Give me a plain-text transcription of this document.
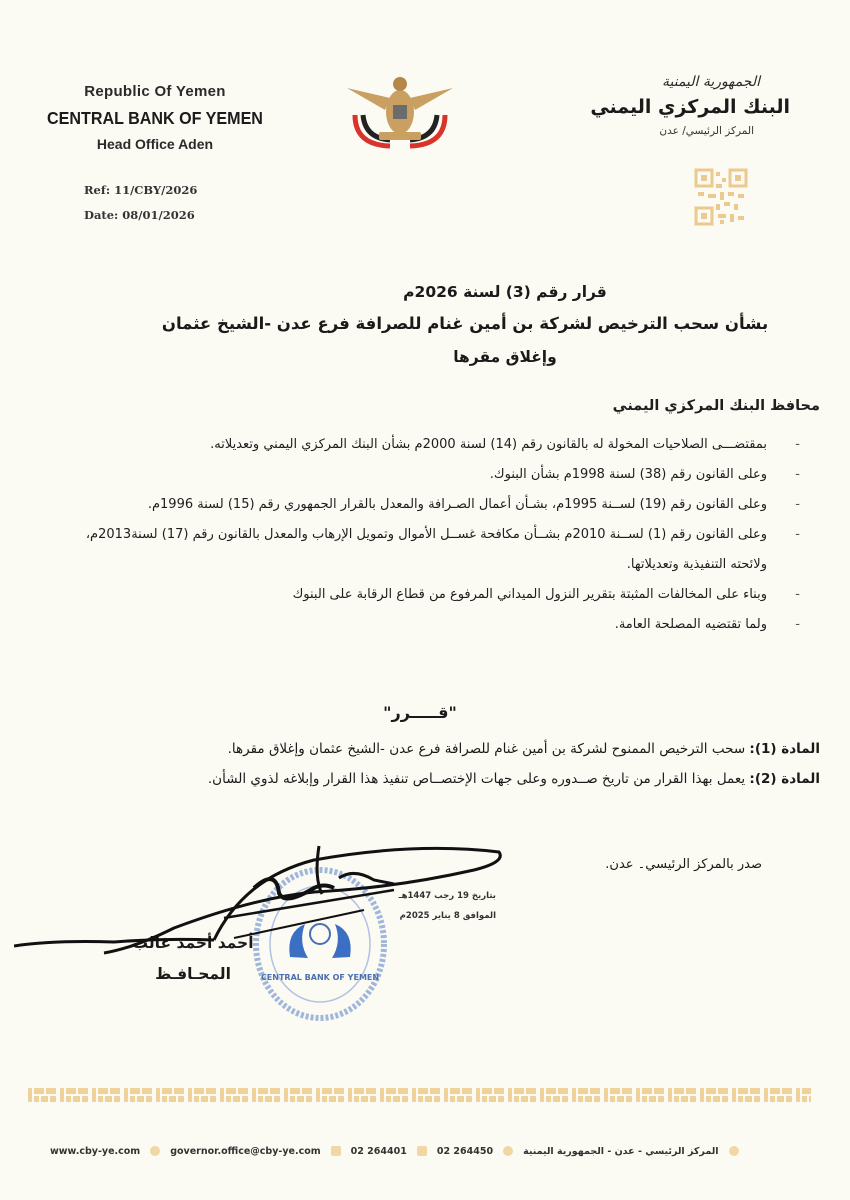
Republic Of Yemen
CENTRAL BANK OF YEMEN
Head Office Aden
Ref: 11/CBY/2026
Date: 08/01/2026
الجمهورية اليمنية
البنك المركزي اليمني
المركز الرئيسي/ عدن
قرار رقم (3) لسنة 2026م
بشأن سحب الترخيص لشركة بن أمين غنام للصرافة فرع عدن -الشيخ عثمان
وإغلاق مقرها
محافظ البنك المركزي اليمني
- بمقتضـــى الصلاحيات المخولة له بالقانون رقم (14) لسنة 2000م بشأن البنك المركزي اليمني وتعديلاته.
- وعلى القانون رقم (38) لسنة 1998م بشأن البنوك.
- وعلى القانون رقم (19) لســنة 1995م، بشـأن أعمال الصـرافة والمعدل بالقرار الجمهوري رقم (15) لسنة 1996م.
- وعلى القانون رقم (1) لســنة 2010م بشــأن مكافحة غســل الأموال وتمويل الإرهاب والمعدل بالقانون رقم (17) لسنة2013م، ولائحته التنفيذية وتعديلاتها.
- وبناء على المخالفات المثبتة بتقرير النزول الميداني المرفوع من قطاع الرقابة على البنوك
- ولما تقتضيه المصلحة العامة.
"قـــــرر"
المادة (1): سحب الترخيص الممنوح لشركة بن أمين غنام للصرافة فرع عدن -الشيخ عثمان وإغلاق مقرها.
المادة (2): يعمل بهذا القرار من تاريخ صــدوره وعلى جهات الإختصــاص تنفيذ هذا القرار وإبلاغه لذوي الشأن.
صدر بالمركز الرئيسي۔ عدن.
CENTRAL BANK OF YEMEN
بتاريخ 19 رجب 1447هـ
الموافق 8 يناير 2025م
أحمد أحمد غالب
المحـافـظ
www.cby-ye.com	governor.office@cby-ye.com	02 264401	02 264450	المركز الرئيسي - عدن - الجمهورية اليمنية
